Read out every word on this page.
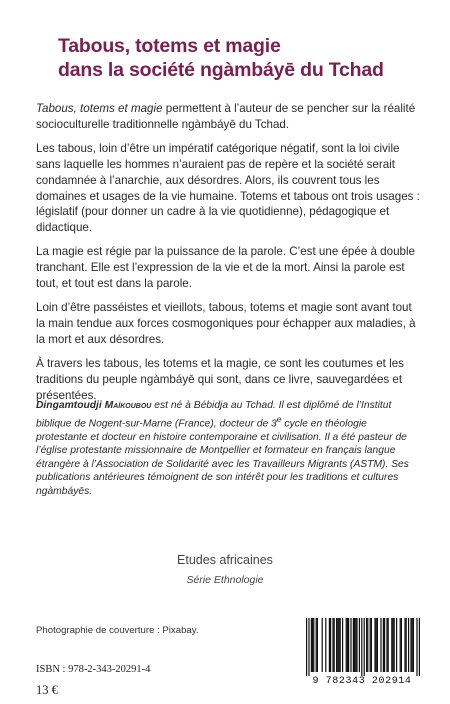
Tabous, totems et magie
dans la société ngàmbáyē du Tchad

Tabous, totems et magie permettent à l’auteur de se pencher sur la réalité socioculturelle traditionnelle ngàmbáyē du Tchad.

Les tabous, loin d’être un impératif catégorique négatif, sont la loi civile sans laquelle les hommes n’auraient pas de repère et la société serait condamnée à l’anarchie, aux désordres. Alors, ils couvrent tous les domaines et usages de la vie humaine. Totems et tabous ont trois usages : législatif (pour donner un cadre à la vie quotidienne), pédagogique et didactique.

La magie est régie par la puissance de la parole. C’est une épée à double tranchant. Elle est l’expression de la vie et de la mort. Ainsi la parole est tout, et tout est dans la parole.

Loin d’être passéistes et vieillots, tabous, totems et magie sont avant tout la main tendue aux forces cosmogoniques pour échapper aux maladies, à la mort et aux désordres.

À travers les tabous, les totems et la magie, ce sont les coutumes et les traditions du peuple ngàmbáyē qui sont, dans ce livre, sauvegardées et présentées.

Dingamtoudji Maïkoubou est né à Bébidja au Tchad. Il est diplômé de l’Institut biblique de Nogent-sur-Marne (France), docteur de 3e cycle en théologie protestante et docteur en histoire contemporaine et civilisation. Il a été pasteur de l’église protestante missionnaire de Montpellier et formateur en français langue étrangère à l’Association de Solidarité avec les Travailleurs Migrants (ASTM). Ses publications antérieures témoignent de son intérêt pour les traditions et cultures ngàmbáyēs.

Etudes africaines
Série Ethnologie
Photographie de couverture : Pixabay.
ISBN : 978-2-343-20291-4
13 €
9 782343 202914
